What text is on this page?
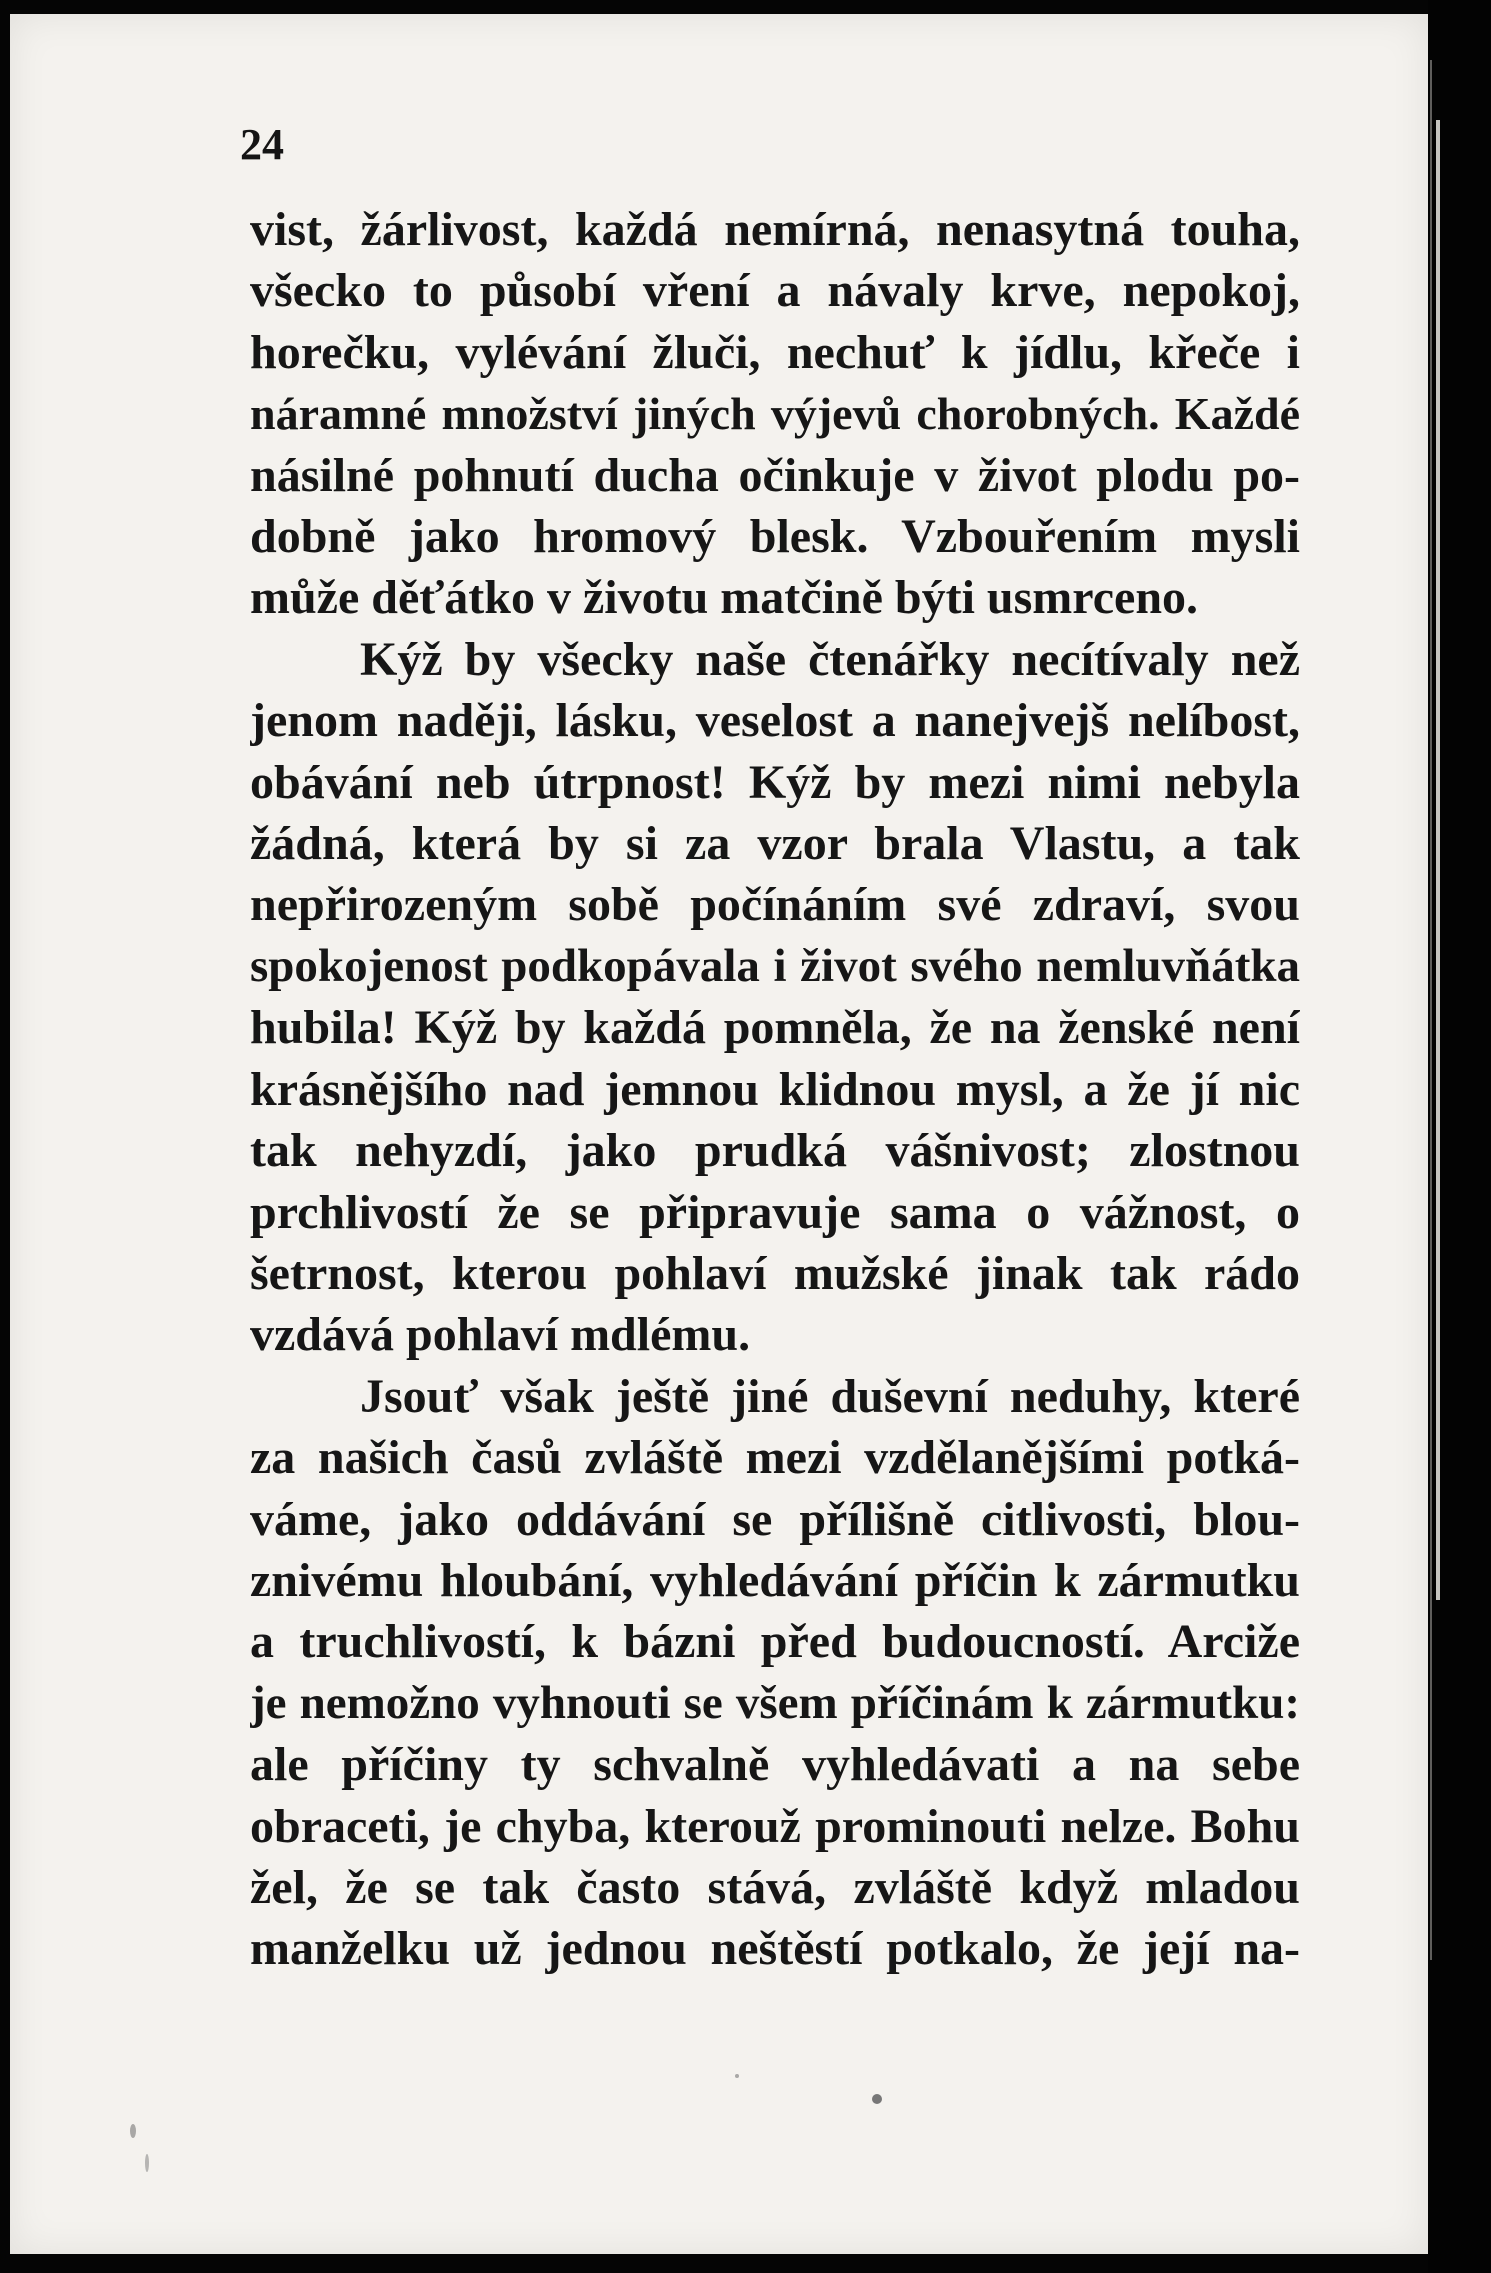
24
vist, žárlivost, každá nemírná, nenasytná touha,
všecko to působí vření a návaly krve, nepokoj,
horečku, vylévání žluči, nechuť k jídlu, křeče i
náramné množství jiných výjevů chorobných. Každé
násilné pohnutí ducha očinkuje v život plodu po-
dobně jako hromový blesk. Vzbouřením mysli
může děťátko v životu matčině býti usmrceno.
Kýž by všecky naše čtenářky necítívaly než
jenom naději, lásku, veselost a nanejvejš nelíbost,
obávání neb útrpnost! Kýž by mezi nimi nebyla
žádná, která by si za vzor brala Vlastu, a tak
nepřirozeným sobě počínáním své zdraví, svou
spokojenost podkopávala i život svého nemluvňátka
hubila! Kýž by každá pomněla, že na ženské není
krásnějšího nad jemnou klidnou mysl, a že jí nic
tak nehyzdí, jako prudká vášnivost; zlostnou
prchlivostí že se připravuje sama o vážnost, o
šetrnost, kterou pohlaví mužské jinak tak rádo
vzdává pohlaví mdlému.
Jsouť však ještě jiné duševní neduhy, které
za našich časů zvláště mezi vzdělanějšími potká-
váme, jako oddávání se přílišně citlivosti, blou-
znivému hloubání, vyhledávání příčin k zármutku
a truchlivostí, k bázni před budoucností. Arciže
je nemožno vyhnouti se všem příčinám k zármutku:
ale příčiny ty schvalně vyhledávati a na sebe
obraceti, je chyba, kterouž prominouti nelze. Bohu
žel, že se tak často stává, zvláště když mladou
manželku už jednou neštěstí potkalo, že její na-
